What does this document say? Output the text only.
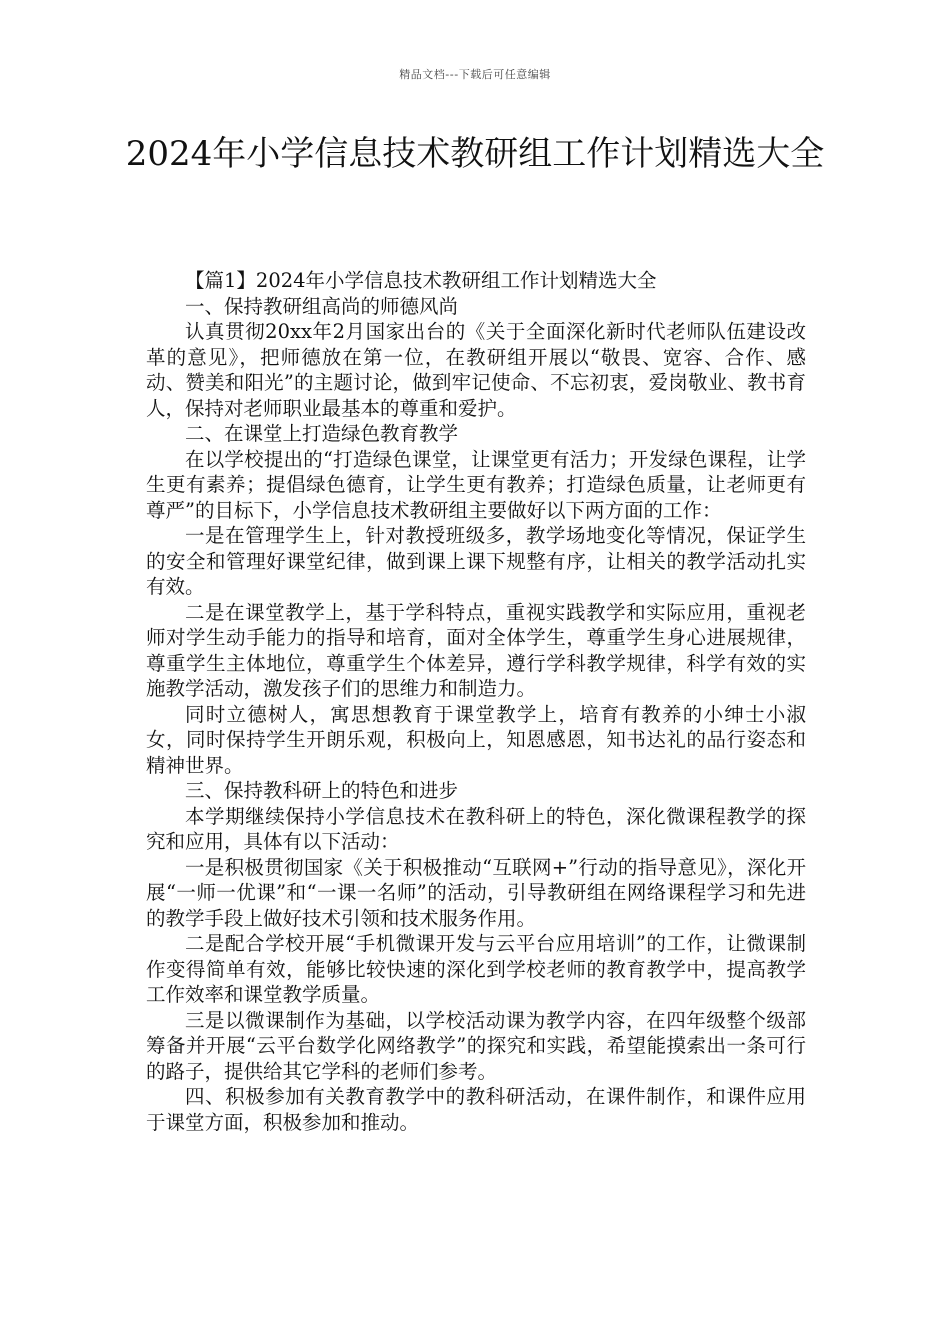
精品文档---下载后可任意编辑
2024年小学信息技术教研组工作计划精选大全

【篇1】2024年小学信息技术教研组工作计划精选大全

一、保持教研组高尚的师德风尚

认真贯彻20xx年2月国家出台的《关于全面深化新时代老师队伍建设改革的意见》，把师德放在第一位，在教研组开展以“敬畏、宽容、合作、感动、赞美和阳光”的主题讨论，做到牢记使命、不忘初衷，爱岗敬业、教书育人，保持对老师职业最基本的尊重和爱护。

二、在课堂上打造绿色教育教学

在以学校提出的“打造绿色课堂，让课堂更有活力；开发绿色课程，让学生更有素养；提倡绿色德育，让学生更有教养；打造绿色质量，让老师更有尊严”的目标下，小学信息技术教研组主要做好以下两方面的工作：

一是在管理学生上，针对教授班级多，教学场地变化等情况，保证学生的安全和管理好课堂纪律，做到课上课下规整有序，让相关的教学活动扎实有效。

二是在课堂教学上，基于学科特点，重视实践教学和实际应用，重视老师对学生动手能力的指导和培育，面对全体学生，尊重学生身心进展规律，尊重学生主体地位，尊重学生个体差异，遵行学科教学规律，科学有效的实施教学活动，激发孩子们的思维力和制造力。

同时立德树人，寓思想教育于课堂教学上，培育有教养的小绅士小淑女，同时保持学生开朗乐观，积极向上，知恩感恩，知书达礼的品行姿态和精神世界。

三、保持教科研上的特色和进步

本学期继续保持小学信息技术在教科研上的特色，深化微课程教学的探究和应用，具体有以下活动：

一是积极贯彻国家《关于积极推动“互联网+”行动的指导意见》，深化开展“一师一优课”和“一课一名师”的活动，引导教研组在网络课程学习和先进的教学手段上做好技术引领和技术服务作用。

二是配合学校开展“手机微课开发与云平台应用培训”的工作，让微课制作变得简单有效，能够比较快速的深化到学校老师的教育教学中，提高教学工作效率和课堂教学质量。

三是以微课制作为基础，以学校活动课为教学内容，在四年级整个级部筹备并开展“云平台数学化网络教学”的探究和实践，希望能摸索出一条可行的路子，提供给其它学科的老师们参考。

四、积极参加有关教育教学中的教科研活动，在课件制作，和课件应用于课堂方面，积极参加和推动。
